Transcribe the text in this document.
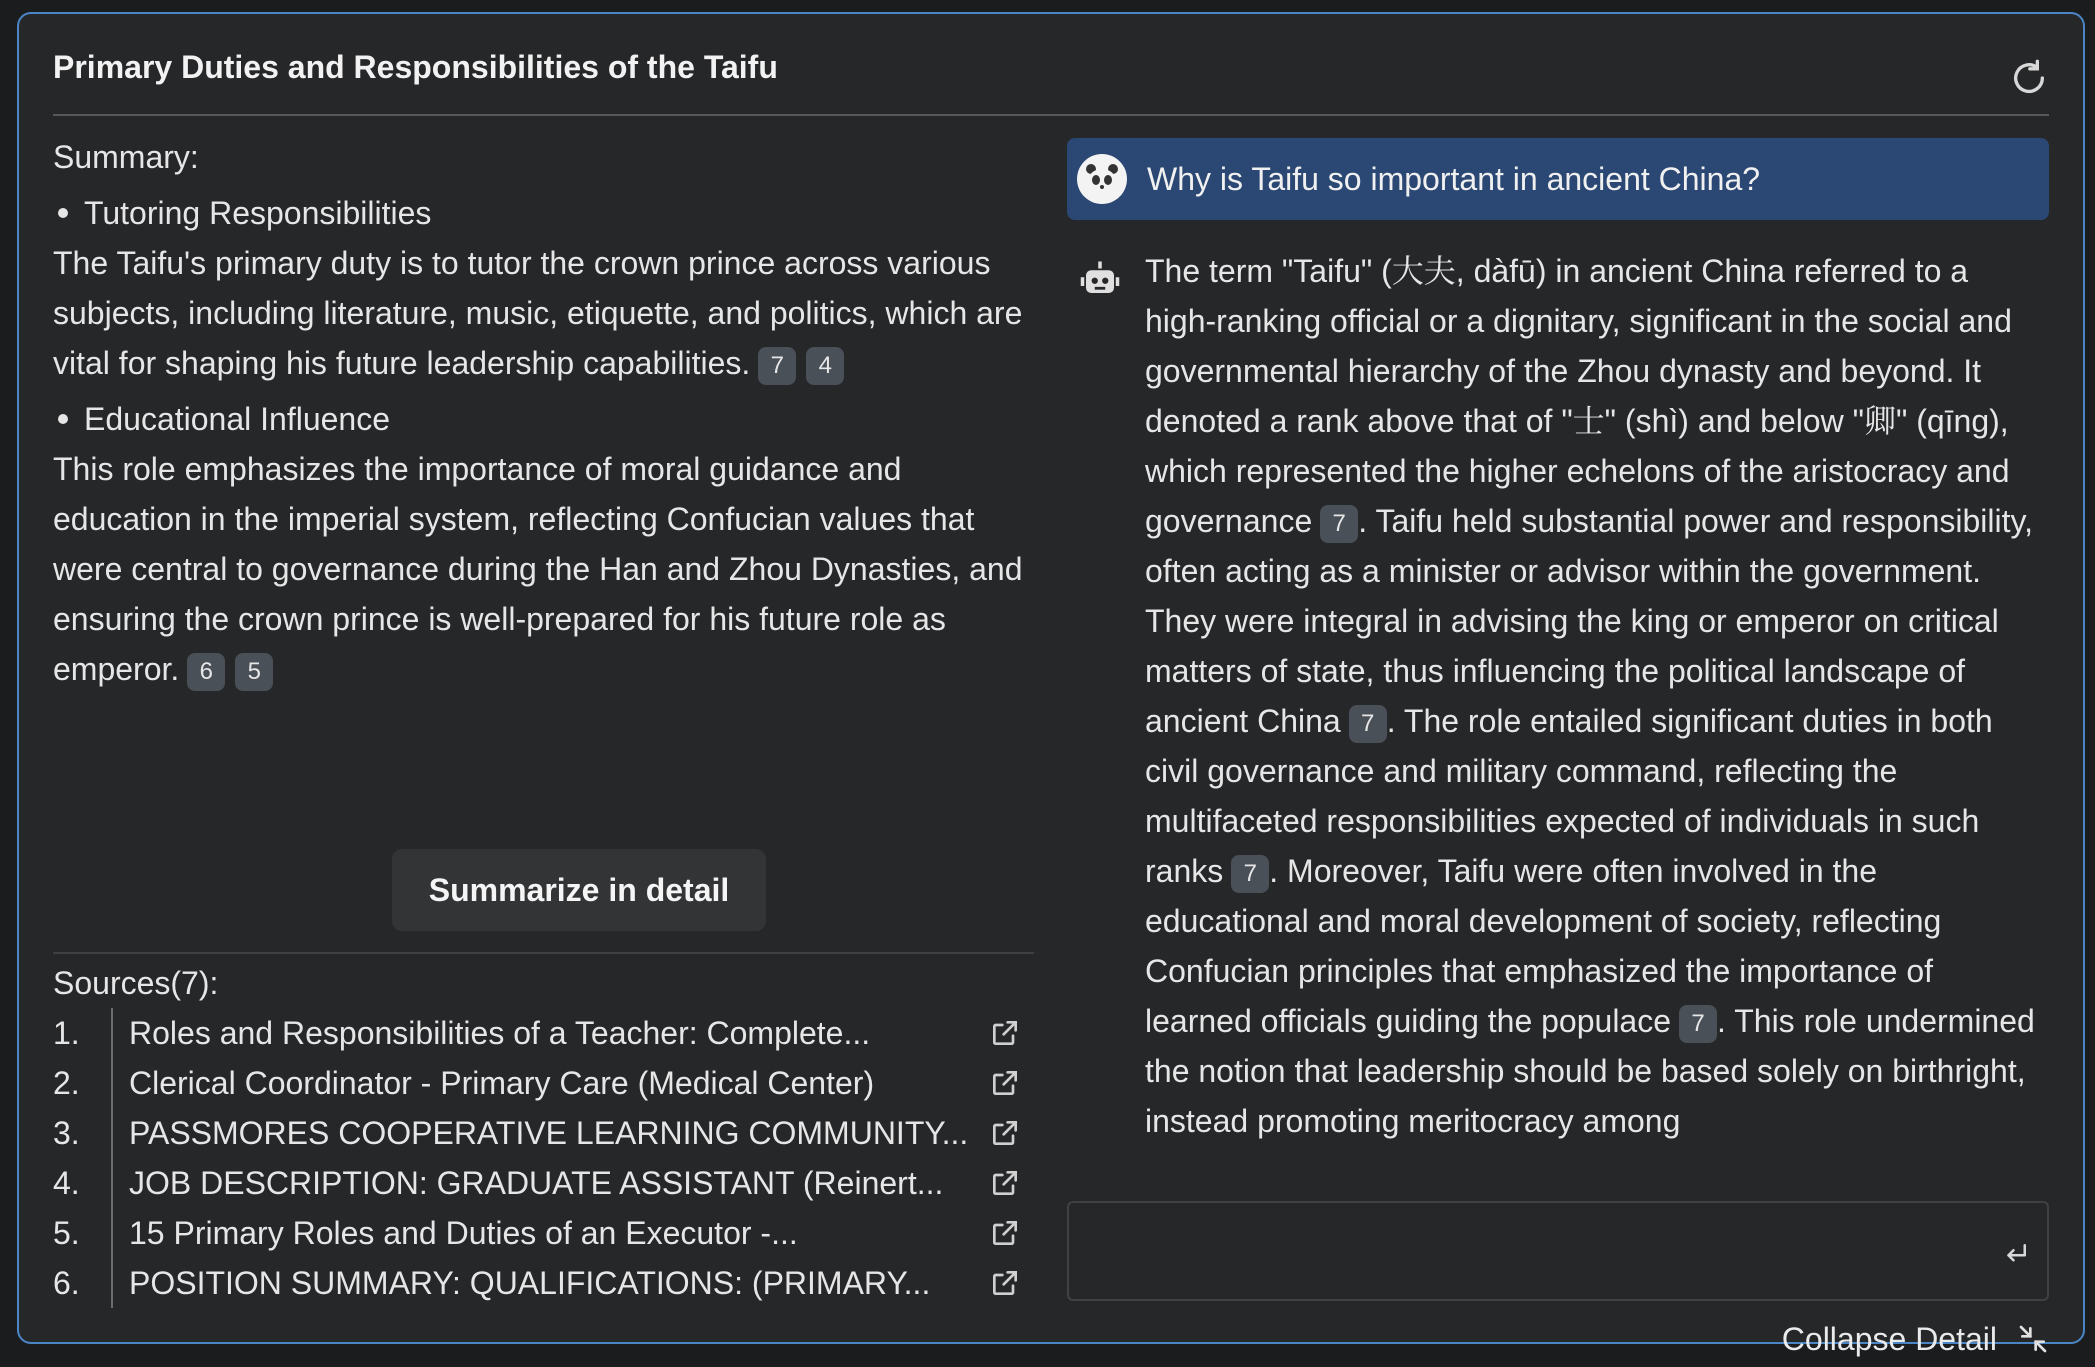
Primary Duties and Responsibilities of the Taifu
Summary:
Tutoring Responsibilities
The Taifu's primary duty is to tutor the crown prince across various subjects, including literature, music, etiquette, and politics, which are vital for shaping his future leadership capabilities. 7 4
Educational Influence
This role emphasizes the importance of moral guidance and education in the imperial system, reflecting Confucian values that were central to governance during the Han and Zhou Dynasties, and ensuring the crown prince is well-prepared for his future role as emperor. 6 5
Summarize in detail
Sources(7):
1.	Roles and Responsibilities of a Teacher: Complete...
2.	Clerical Coordinator - Primary Care (Medical Center)
3.	PASSMORES COOPERATIVE LEARNING COMMUNITY...
4.	JOB DESCRIPTION: GRADUATE ASSISTANT (Reinert...
5.	15 Primary Roles and Duties of an Executor -...
6.	POSITION SUMMARY: QUALIFICATIONS: (PRIMARY...
Why is Taifu so important in ancient China?
The term "Taifu" (大夫, dàfū) in ancient China referred to a high-ranking official or a dignitary, significant in the social and governmental hierarchy of the Zhou dynasty and beyond. It denoted a rank above that of "士" (shì) and below "卿" (qīng), which represented the higher echelons of the aristocracy and governance 7 . Taifu held substantial power and responsibility, often acting as a minister or advisor within the government. They were integral in advising the king or emperor on critical matters of state, thus influencing the political landscape of ancient China 7 . The role entailed significant duties in both civil governance and military command, reflecting the multifaceted responsibilities expected of individuals in such ranks 7 . Moreover, Taifu were often involved in the educational and moral development of society, reflecting Confucian principles that emphasized the importance of learned officials guiding the populace 7 . This role undermined the notion that leadership should be based solely on birthright, instead promoting meritocracy among
Collapse Detail
